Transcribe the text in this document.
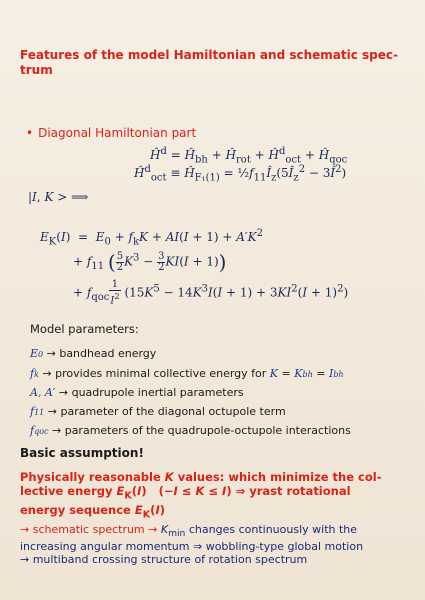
Features of the model Hamiltonian and schematic spec-
trum
• Diagonal Hamiltonian part
$Ĥ^d$ = $Ĥ_{bh}$ + $Ĥ_{rot}$ + $Ĥ^d_{oct}$ + $Ĥ_{qoc}$
$Ĥ^d_{oct}$ ≡ $Ĥ_{F_1(1)}$ = $\frac{1}{2}f_{11}Î_z(5Î_z^2$ − $3Î^2$)
|I, K > ⟹
$E_K(I) = E_0 + f_kK + AI(I + 1) + A'K^2$
+ $f_{11}$ ( $\frac{5}{2} K^3 - \frac{3}{2} KI(I + 1)$)
+ $f_{qoc} \frac{1}{I^2} (15K^5 - 14K^3I(I + 1) + 3KI^2(I + 1)^2)$
Model parameters:
E0 → bandhead energy
fk → provides minimal collective energy for K = Kbh = Ibh
A, A′ → quadrupole inertial parameters
f11 → parameter of the diagonal octupole term
fqoc → parameters of the quadrupole-octupole interactions
Basic assumption!
Physically reasonable K values: which minimize the col-
lective energy $E_K(I) (-I \le K \le I)$ ⇒ yrast rotational
energy sequence $E_K(I)$
→ schematic spectrum → $K_{min}$ changes continuously with the
increasing angular momentum ⇒ wobbling-type global motion
→ multiband crossing structure of rotation spectrum
